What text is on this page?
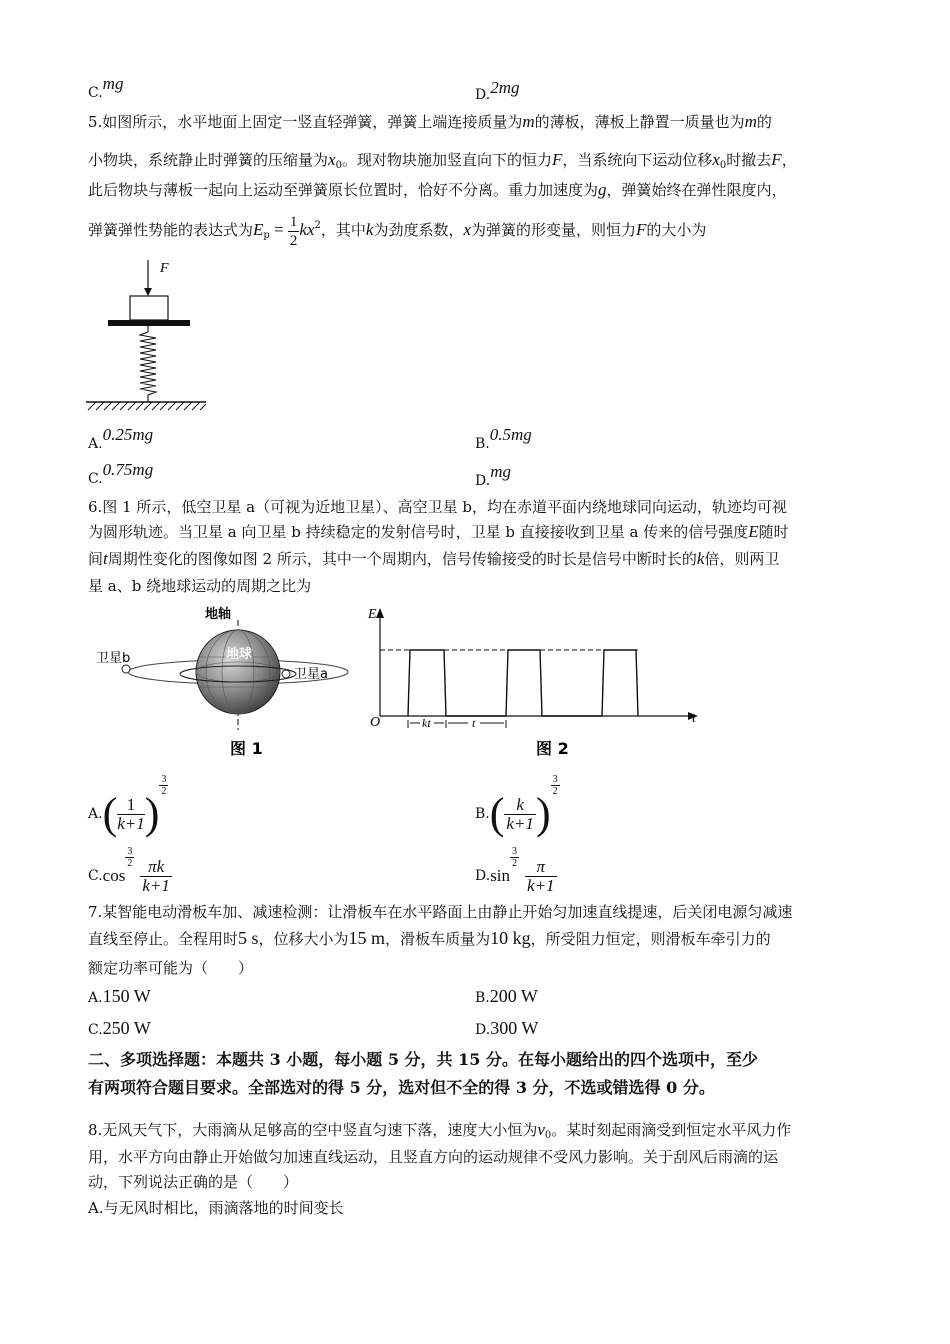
C.mg
D.2mg
5.如图所示，水平地面上固定一竖直轻弹簧，弹簧上端连接质量为m的薄板，薄板上静置一质量也为m的
小物块，系统静止时弹簧的压缩量为$x_0$。现对物块施加竖直向下的恒力F，当系统向下运动位移$x_0$时撤去F，
此后物块与薄板一起向上运动至弹簧原长位置时，恰好不分离。重力加速度为g，弹簧始终在弹性限度内，
弹簧弹性势能的表达式为$E_p = \frac{1}{2} kx^2$，其中k为劲度系数，x为弹簧的形变量，则恒力F的大小为
F
A.0.25mg	B.0.5mg
C.0.75mg
D.mg
6.图 1 所示，低空卫星 a（可视为近地卫星）、高空卫星 b，均在赤道平面内绕地球同向运动，轨迹均可视
为圆形轨迹。当卫星 a 向卫星 b 持续稳定的发射信号时，卫星 b 直接接收到卫星 a 传来的信号强度E随时
间t周期性变化的图像如图 2 所示，其中一个周期内，信号传输接受的时长是信号中断时长的k倍，则两卫
星 a、b 绕地球运动的周期之比为
地轴
地球
卫星b
卫星a
图 1
E
t
O	kt	t
图 2
$A.( \frac{1}{k+1}$ )
$\frac{3}{2}$
$B.( \frac{k}{k+1}$ )
$\frac{3}{2}$
C.cos
$\frac{3}{2} \frac{\pi k}{k+1}$	D.sin
$\frac{3}{2} \frac{\pi}{k+1}$
7.某智能电动滑板车加、减速检测：让滑板车在水平路面上由静止开始匀加速直线提速，后关闭电源匀减速
直线至停止。全程用时5 s，位移大小为15 m，滑板车质量为10 kg，所受阻力恒定，则滑板车牵引力的
额定功率可能为（　　）
A.150 W	B.200 W
C.250 W	D.300 W
二、多项选择题：本题共 3 小题，每小题 5 分，共 15 分。在每小题给出的四个选项中，至少
有两项符合题目要求。全部选对的得 5 分，选对但不全的得 3 分，不选或错选得 0 分。
8.无风天气下，大雨滴从足够高的空中竖直匀速下落，速度大小恒为$v_0$。某时刻起雨滴受到恒定水平风力作
用，水平方向由静止开始做匀加速直线运动，且竖直方向的运动规律不受风力影响。关于刮风后雨滴的运
动，下列说法正确的是（　　）
A.与无风时相比，雨滴落地的时间变长
